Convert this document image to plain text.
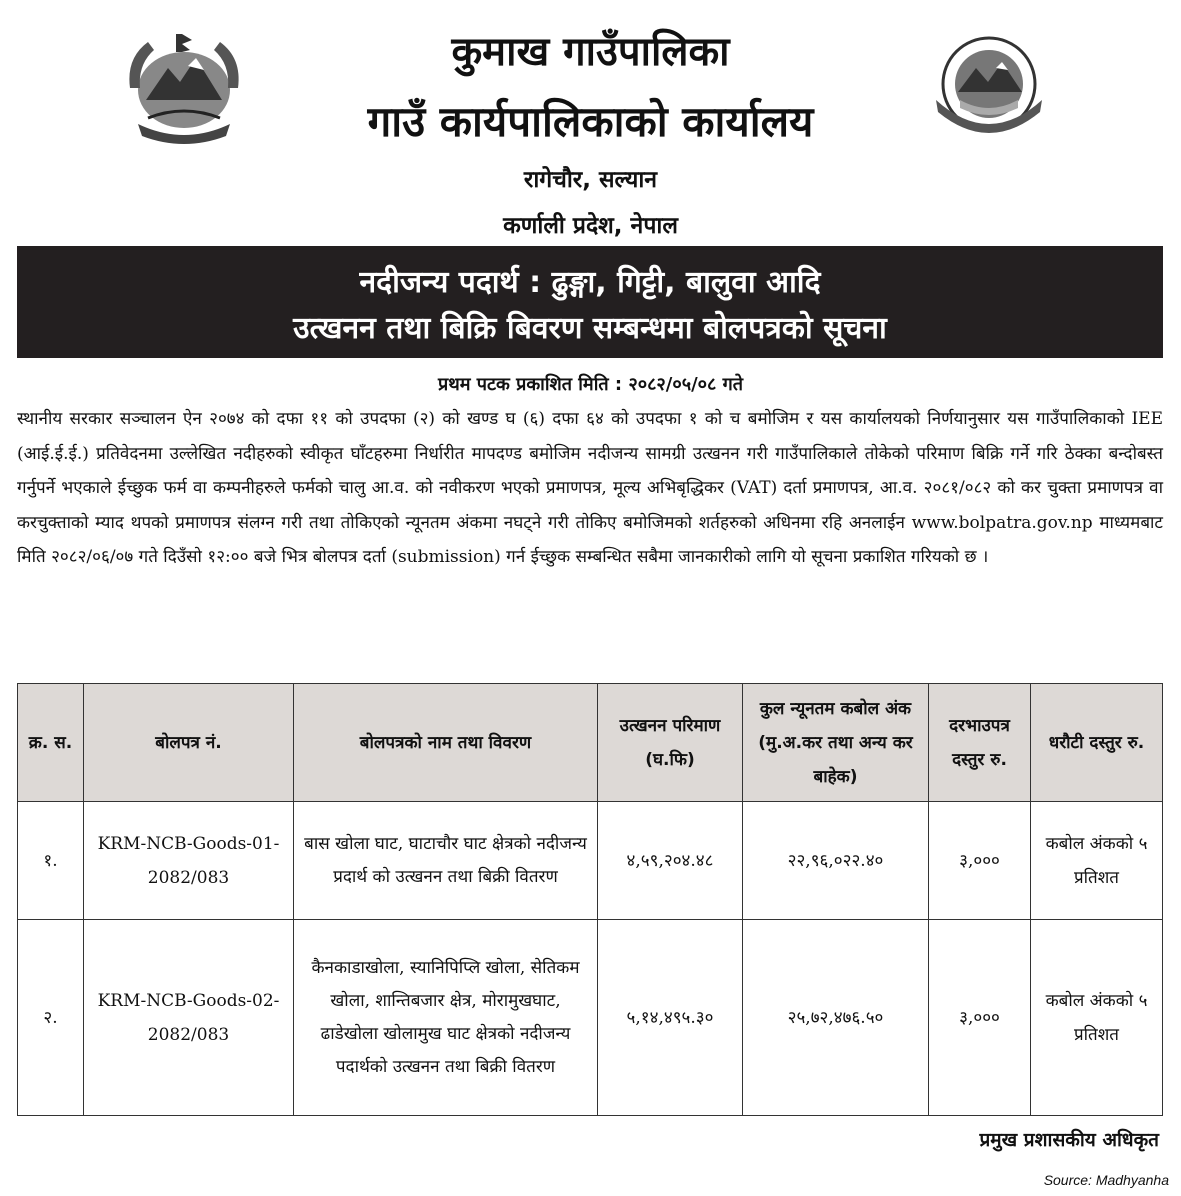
कुमाख गाउँपालिका
गाउँ कार्यपालिकाको कार्यालय
रागेचौर, सल्यान
कर्णाली प्रदेश, नेपाल
नदीजन्य पदार्थ : ढुङ्गा, गिट्टी, बालुवा आदि
उत्खनन तथा बिक्रि बिवरण सम्बन्धमा बोलपत्रको सूचना
प्रथम पटक प्रकाशित मिति : २०८२/०५/०८ गते
स्थानीय सरकार सञ्चालन ऐन २०७४ को दफा ११ को उपदफा (२) को खण्ड घ (६) दफा ६४ को उपदफा १ को च बमोजिम र यस कार्यालयको निर्णयानुसार यस गाउँपालिकाको IEE (आई.ई.ई.) प्रतिवेदनमा उल्लेखित नदीहरुको स्वीकृत घाँटहरुमा निर्धारीत मापदण्ड बमोजिम नदीजन्य सामग्री उत्खनन गरी गाउँपालिकाले तोकेको परिमाण बिक्रि गर्ने गरि ठेक्का बन्दोबस्त गर्नुपर्ने भएकाले ईच्छुक फर्म वा कम्पनीहरुले फर्मको चालु आ.व. को नवीकरण भएको प्रमाणपत्र, मूल्य अभिबृद्धिकर (VAT) दर्ता प्रमाणपत्र, आ.व. २०८१/०८२ को कर चुक्ता प्रमाणपत्र वा करचुक्ताको म्याद थपको प्रमाणपत्र संलग्न गरी तथा तोकिएको न्यूनतम अंकमा नघट्ने गरी तोकिए बमोजिमको शर्तहरुको अधिनमा रहि अनलाईन www.bolpatra.gov.np माध्यमबाट मिति २०८२/०६/०७ गते दिउँसो १२:०० बजे भित्र बोलपत्र दर्ता (submission) गर्न ईच्छुक सम्बन्धित सबैमा जानकारीको लागि यो सूचना प्रकाशित गरियको छ ।
क्र. स.	बोलपत्र नं.	बोलपत्रको नाम तथा विवरण	उत्खनन परिमाण (घ.फि)	कुल न्यूनतम कबोल अंक (मु.अ.कर तथा अन्य कर बाहेक)	दरभाउपत्र दस्तुर रु.	धरौटी दस्तुर रु.
१.	KRM-NCB-Goods-01-2082/083	बास खोला घाट, घाटाचौर घाट क्षेत्रको नदीजन्य प्रदार्थ को उत्खनन तथा बिक्री वितरण	४,५९,२०४.४८	२२,९६,०२२.४०	३,०००	कबोल अंकको ५ प्रतिशत
२.	KRM-NCB-Goods-02-2082/083	कैनकाडाखोला, स्यानिपिप्लि खोला, सेतिकम खोला, शान्तिबजार क्षेत्र, मोरामुखघाट, ढाडेखोला खोलामुख घाट क्षेत्रको नदीजन्य पदार्थको उत्खनन तथा बिक्री वितरण	५,१४,४९५.३०	२५,७२,४७६.५०	३,०००	कबोल अंकको ५ प्रतिशत
प्रमुख प्रशासकीय अधिकृत
Source: Madhyanha
